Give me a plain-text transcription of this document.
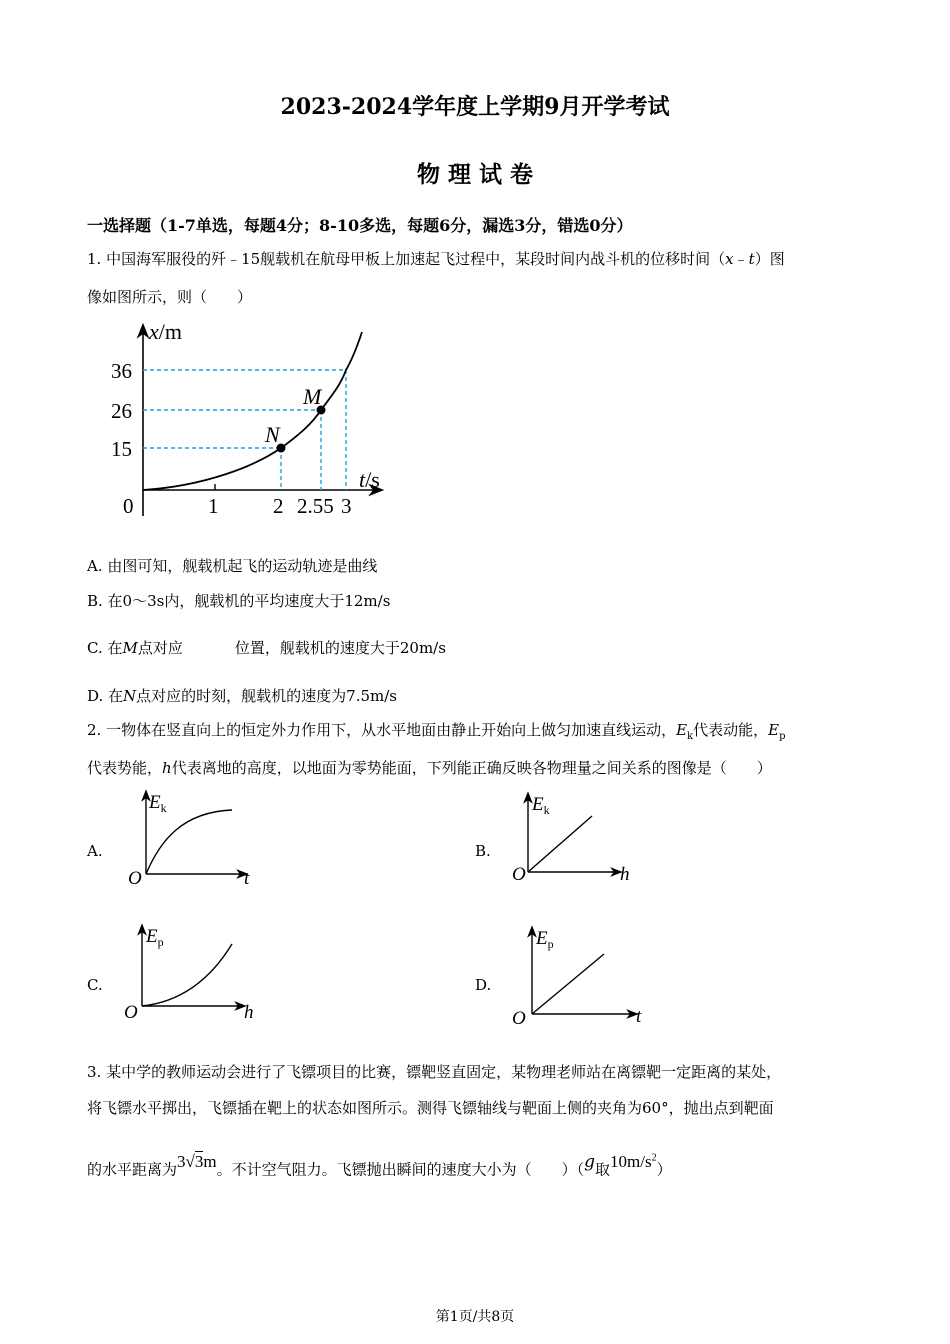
2023-2024学年度上学期9月开学考试
物 理 试 卷
一选择题（1-7单选，每题4分；8-10多选，每题6分，漏选3分，错选0分）
1. 中国海军服役的歼﹣15舰载机在航母甲板上加速起飞过程中，某段时间内战斗机的位移时间（x﹣t）图
像如图所示，则（　　）
x/m
t/s
36
26
15
0	1	2 2.55 3
M
N
A. 由图可知，舰载机起飞的运动轨迹是曲线
B. 在0～3s内，舰载机的平均速度大于12m/s
C. 在M点对应	位置，舰载机的速度大于20m/s
D. 在N点对应的时刻，舰载机的速度为7.5m/s
2. 一物体在竖直向上的恒定外力作用下，从水平地面由静止开始向上做匀加速直线运动，$E_k$代表动能，$E_p$
代表势能，h代表离地的高度，以地面为零势能面，下列能正确反映各物理量之间关系的图像是（　　）
A.
$E_k$
O	t
B.
$E_k$
O	h
C.
$E_p$
O	h
D.
$E_p$
O	t
3. 某中学的教师运动会进行了飞镖项目的比赛，镖靶竖直固定，某物理老师站在离镖靶一定距离的某处，
将飞镖水平掷出，飞镖插在靶上的状态如图所示。测得飞镖轴线与靶面上侧的夹角为60°，抛出点到靶面
的水平距离为3√3m。不计空气阻力。飞镖抛出瞬间的速度大小为（　　）（g取$10m/s^2$）
第1页/共8页
